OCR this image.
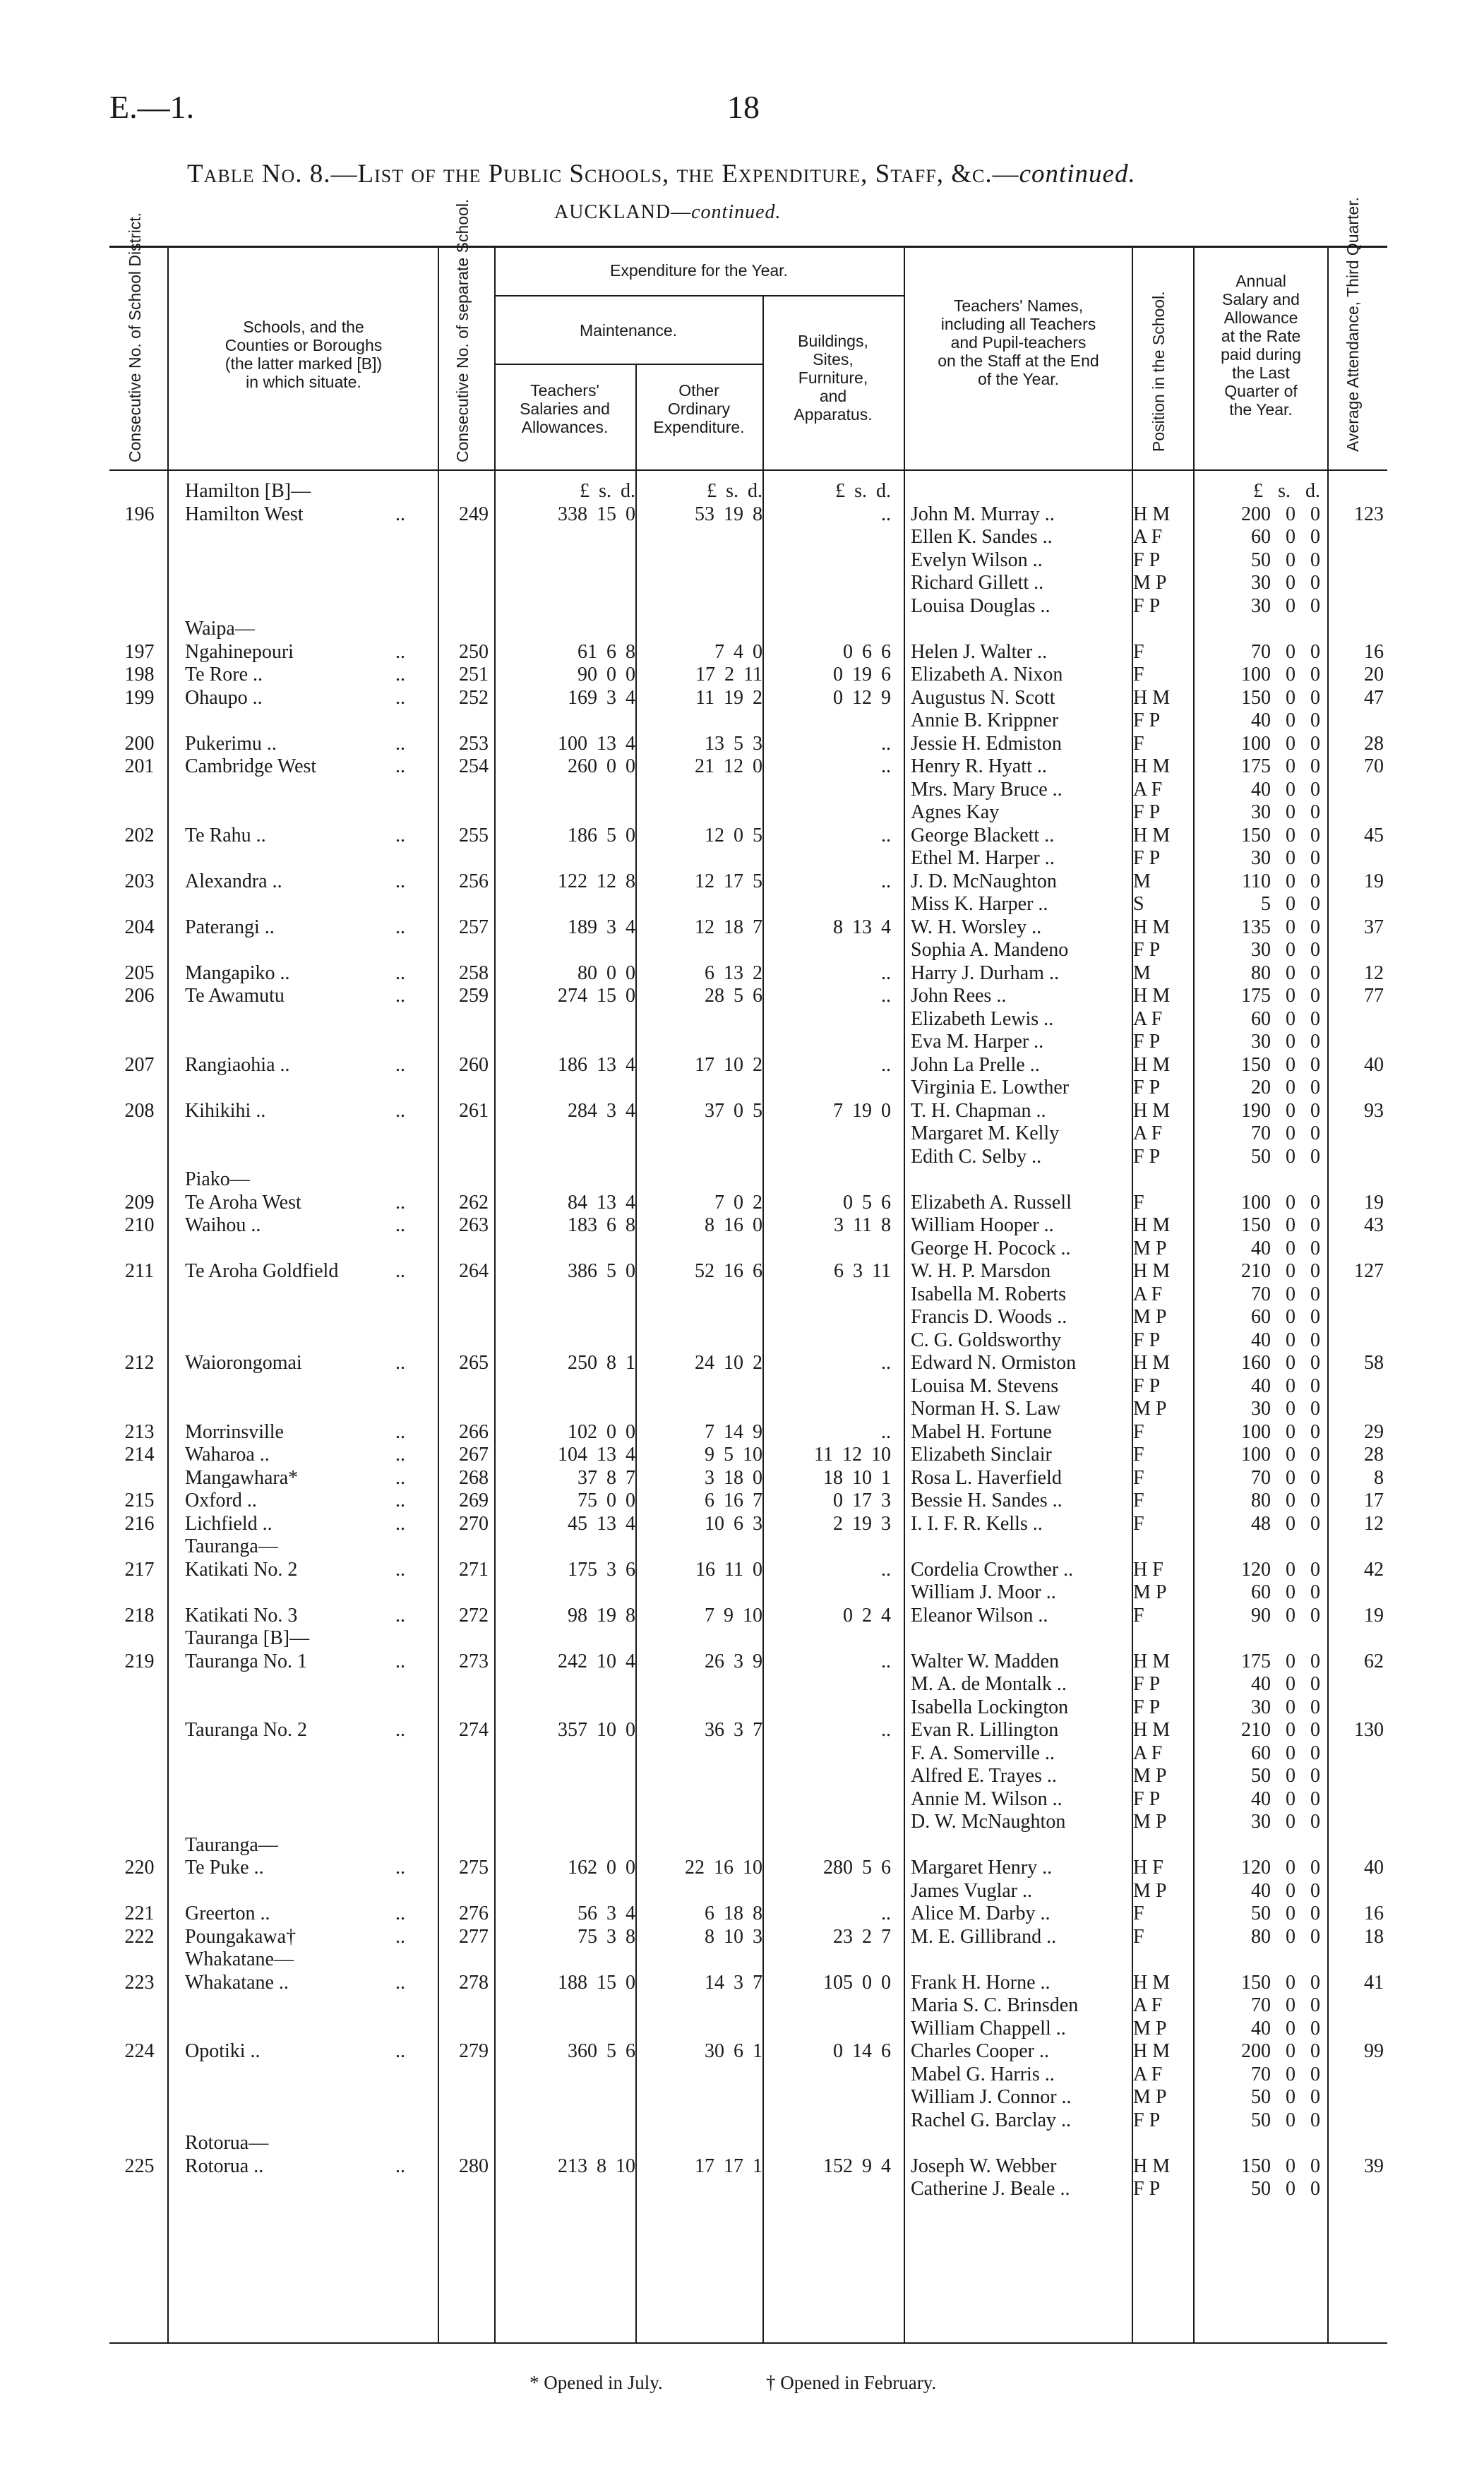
E.—1.	18
Table No. 8.—List of the Public Schools, the Expenditure, Staff, &c.—continued.
AUCKLAND—continued.
Consecutive No. of School District.	Schools, and the
Counties or Boroughs
(the latter marked [B])
in which situate.	Consecutive No. of separate School.	Expenditure for the Year.
Maintenance.
Teachers'
Salaries and
Allowances.
Other
Ordinary
Expenditure.
Buildings,
Sites,
Furniture,
and
Apparatus.
Teachers' Names,
including all Teachers
and Pupil-teachers
on the Staff at the End
of the Year.	Position in the School.
Annual
Salary and
Allowance
at the Rate
paid during
the Last
Quarter of
the Year.	Average Attendance, Third Quarter.
Hamilton [B]—	£ s. d.	£ s. d.	£ s. d.	£ s. d.
196	Hamilton West	..	249	338 15 0	53 19 8	.. John M. Murray ..	H M	200 0 0	123
Ellen K. Sandes ..	A F	60 0 0
Evelyn Wilson ..	F P	50 0 0
Richard Gillett ..	M P	30 0 0
Louisa Douglas ..	F P	30 0 0
Waipa—
197	Ngahinepouri	..	250	61 6 8	7 4 0	0 6 6 Helen J. Walter ..	F	70 0 0	16
198	Te Rore ..	..	251	90 0 0	17 2 11	0 19 6 Elizabeth A. Nixon	F	100 0 0	20
199	Ohaupo ..	..	252	169 3 4	11 19 2	0 12 9 Augustus N. Scott	H M	150 0 0	47
Annie B. Krippner	F P	40 0 0
200	Pukerimu ..	..	253	100 13 4	13 5 3	.. Jessie H. Edmiston	F	100 0 0	28
201	Cambridge West	..	254	260 0 0	21 12 0	.. Henry R. Hyatt ..	H M	175 0 0	70
Mrs. Mary Bruce ..	A F	40 0 0
Agnes Kay	F P	30 0 0
202	Te Rahu ..	..	255	186 5 0	12 0 5	.. George Blackett ..	H M	150 0 0	45
Ethel M. Harper ..	F P	30 0 0
203	Alexandra ..	..	256	122 12 8	12 17 5	.. J. D. McNaughton	M	110 0 0	19
Miss K. Harper ..	S	5 0 0
204	Paterangi ..	..	257	189 3 4	12 18 7	8 13 4 W. H. Worsley ..	H M	135 0 0	37
Sophia A. Mandeno	F P	30 0 0
205	Mangapiko ..	..	258	80 0 0	6 13 2	.. Harry J. Durham ..	M	80 0 0	12
206	Te Awamutu	..	259	274 15 0	28 5 6	.. John Rees ..	H M	175 0 0	77
Elizabeth Lewis ..	A F	60 0 0
Eva M. Harper ..	F P	30 0 0
207	Rangiaohia ..	..	260	186 13 4	17 10 2	.. John La Prelle ..	H M	150 0 0	40
Virginia E. Lowther	F P	20 0 0
208	Kihikihi ..	..	261	284 3 4	37 0 5	7 19 0 T. H. Chapman ..	H M	190 0 0	93
Margaret M. Kelly	A F	70 0 0
Edith C. Selby ..	F P	50 0 0
Piako—
209	Te Aroha West	..	262	84 13 4	7 0 2	0 5 6 Elizabeth A. Russell	F	100 0 0	19
210	Waihou ..	..	263	183 6 8	8 16 0	3 11 8 William Hooper ..	H M	150 0 0	43
George H. Pocock ..	M P	40 0 0
211	Te Aroha Goldfield	..	264	386 5 0	52 16 6	6 3 11 W. H. P. Marsdon	H M	210 0 0	127
Isabella M. Roberts	A F	70 0 0
Francis D. Woods ..	M P	60 0 0
C. G. Goldsworthy	F P	40 0 0
212	Waiorongomai	..	265	250 8 1	24 10 2	.. Edward N. Ormiston	H M	160 0 0	58
Louisa M. Stevens	F P	40 0 0
Norman H. S. Law	M P	30 0 0
213	Morrinsville	..	266	102 0 0	7 14 9	.. Mabel H. Fortune	F	100 0 0	29
214	Waharoa ..	..	267	104 13 4	9 5 10	11 12 10 Elizabeth Sinclair	F	100 0 0	28
Mangawhara*	..	268	37 8 7	3 18 0	18 10 1 Rosa L. Haverfield	F	70 0 0	8
215	Oxford ..	..	269	75 0 0	6 16 7	0 17 3 Bessie H. Sandes ..	F	80 0 0	17
216	Lichfield ..	..	270	45 13 4	10 6 3	2 19 3 I. I. F. R. Kells ..	F	48 0 0	12
Tauranga—
217	Katikati No. 2	..	271	175 3 6	16 11 0	.. Cordelia Crowther ..	H F	120 0 0	42
William J. Moor ..	M P	60 0 0
218	Katikati No. 3	..	272	98 19 8	7 9 10	0 2 4 Eleanor Wilson ..	F	90 0 0	19
Tauranga [B]—
219	Tauranga No. 1	..	273	242 10 4	26 3 9	.. Walter W. Madden	H M	175 0 0	62
M. A. de Montalk ..	F P	40 0 0
Isabella Lockington	F P	30 0 0
Tauranga No. 2	..	274	357 10 0	36 3 7	.. Evan R. Lillington	H M	210 0 0	130
F. A. Somerville ..	A F	60 0 0
Alfred E. Trayes ..	M P	50 0 0
Annie M. Wilson ..	F P	40 0 0
D. W. McNaughton	M P	30 0 0
Tauranga—
220	Te Puke ..	..	275	162 0 0	22 16 10	280 5 6 Margaret Henry ..	H F	120 0 0	40
James Vuglar ..	M P	40 0 0
221	Greerton ..	..	276	56 3 4	6 18 8	.. Alice M. Darby ..	F	50 0 0	16
222	Poungakawa†	..	277	75 3 8	8 10 3	23 2 7 M. E. Gillibrand ..	F	80 0 0	18
Whakatane—
223	Whakatane ..	..	278	188 15 0	14 3 7	105 0 0 Frank H. Horne ..	H M	150 0 0	41
Maria S. C. Brinsden	A F	70 0 0
William Chappell ..	M P	40 0 0
224	Opotiki ..	..	279	360 5 6	30 6 1	0 14 6 Charles Cooper ..	H M	200 0 0	99
Mabel G. Harris ..	A F	70 0 0
William J. Connor ..	M P	50 0 0
Rachel G. Barclay ..	F P	50 0 0
Rotorua—
225	Rotorua ..	..	280	213 8 10	17 17 1	152 9 4 Joseph W. Webber	H M	150 0 0	39
Catherine J. Beale ..	F P	50 0 0
* Opened in July.	† Opened in February.
